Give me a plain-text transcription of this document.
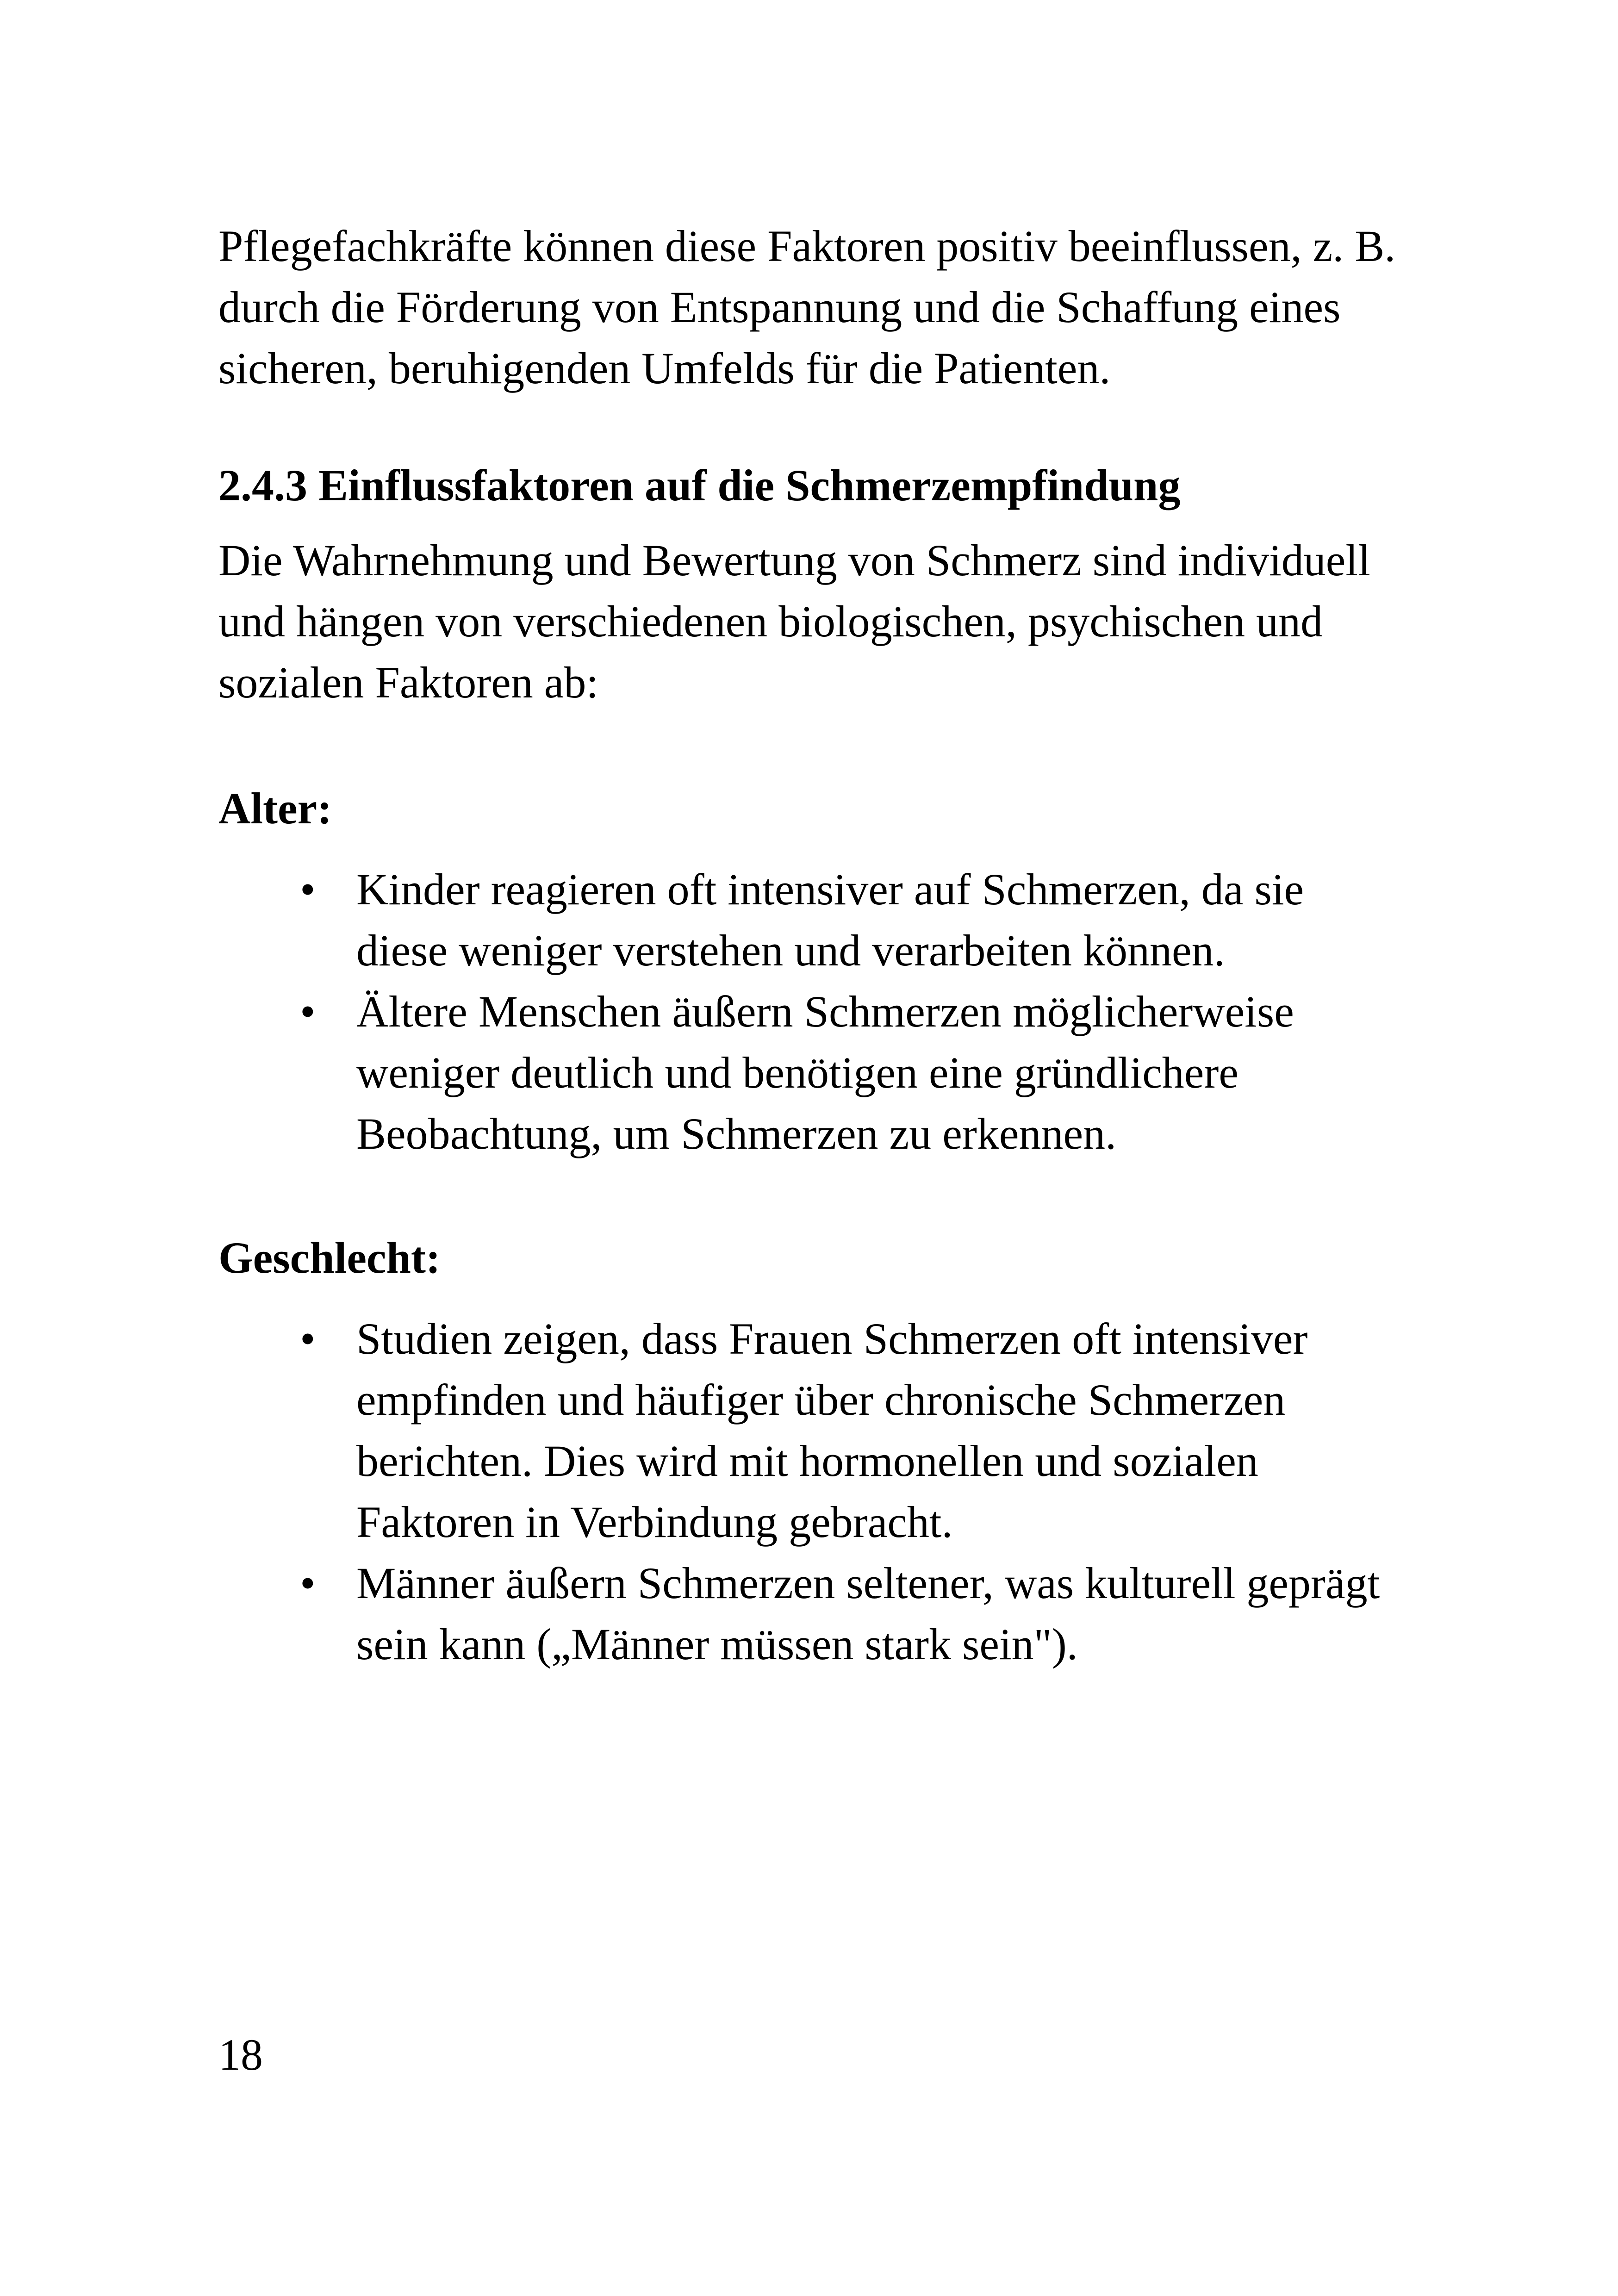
Pflegefachkräfte können diese Faktoren positiv beeinflussen, z. B. durch die Förderung von Entspannung und die Schaffung eines sicheren, beruhigenden Umfelds für die Patienten.

2.4.3 Einflussfaktoren auf die Schmerzempfindung

Die Wahrnehmung und Bewertung von Schmerz sind individuell und hängen von verschiedenen biologischen, psychischen und sozialen Faktoren ab:

Alter:
• Kinder reagieren oft intensiver auf Schmerzen, da sie diese weniger verstehen und verarbeiten können.
• Ältere Menschen äußern Schmerzen möglicherweise weniger deutlich und benötigen eine gründlichere Beobachtung, um Schmerzen zu erkennen.
Geschlecht:
• Studien zeigen, dass Frauen Schmerzen oft intensiver empfinden und häufiger über chronische Schmerzen berichten. Dies wird mit hormonellen und sozialen Faktoren in Verbindung gebracht.
• Männer äußern Schmerzen seltener, was kulturell geprägt sein kann („Männer müssen stark sein").

18
